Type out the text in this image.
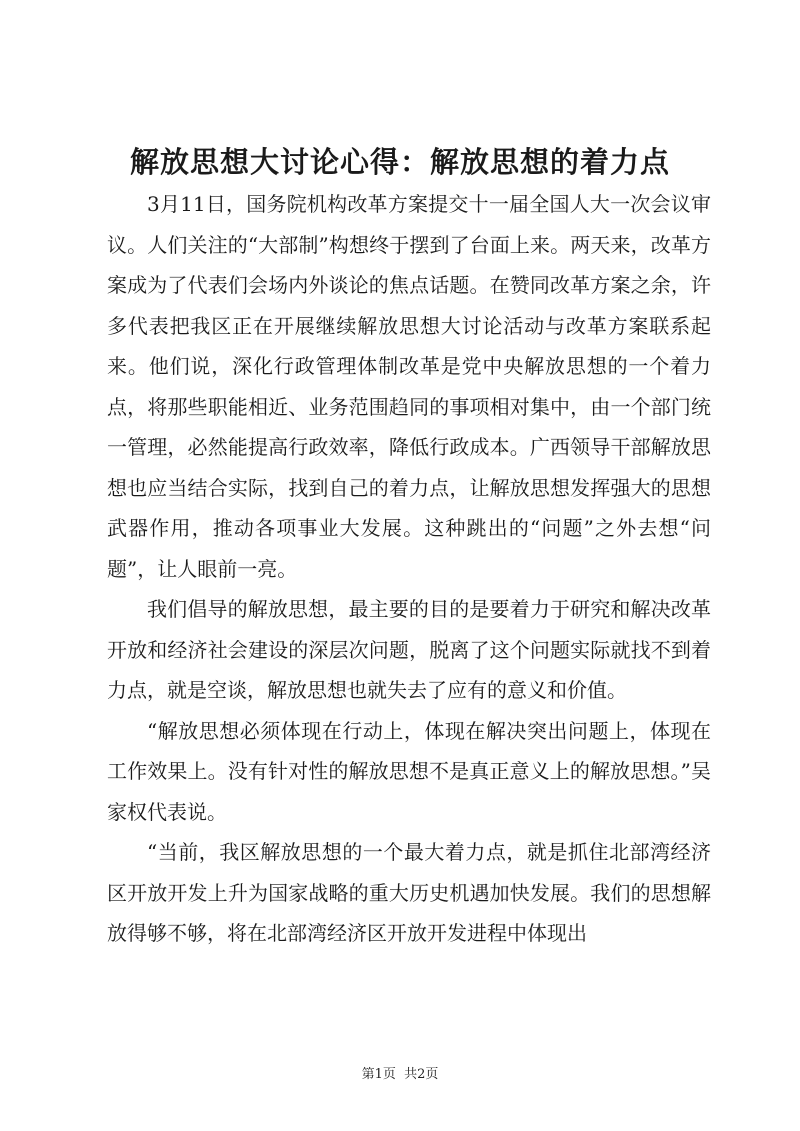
解放思想大讨论心得：解放思想的着力点

3月11日，国务院机构改革方案提交十一届全国人大一次会议审议。人们关注的“大部制”构想终于摆到了台面上来。两天来，改革方案成为了代表们会场内外谈论的焦点话题。在赞同改革方案之余，许多代表把我区正在开展继续解放思想大讨论活动与改革方案联系起来。他们说，深化行政管理体制改革是党中央解放思想的一个着力点，将那些职能相近、业务范围趋同的事项相对集中，由一个部门统一管理，必然能提高行政效率，降低行政成本。广西领导干部解放思想也应当结合实际，找到自己的着力点，让解放思想发挥强大的思想武器作用，推动各项事业大发展。这种跳出的“问题”之外去想“问题”，让人眼前一亮。

我们倡导的解放思想，最主要的目的是要着力于研究和解决改革开放和经济社会建设的深层次问题，脱离了这个问题实际就找不到着力点，就是空谈，解放思想也就失去了应有的意义和价值。

“解放思想必须体现在行动上，体现在解决突出问题上，体现在工作效果上。没有针对性的解放思想不是真正意义上的解放思想。”吴家权代表说。

“当前，我区解放思想的一个最大着力点，就是抓住北部湾经济区开放开发上升为国家战略的重大历史机遇加快发展。我们的思想解放得够不够，将在北部湾经济区开放开发进程中体现出

第1页 共2页
